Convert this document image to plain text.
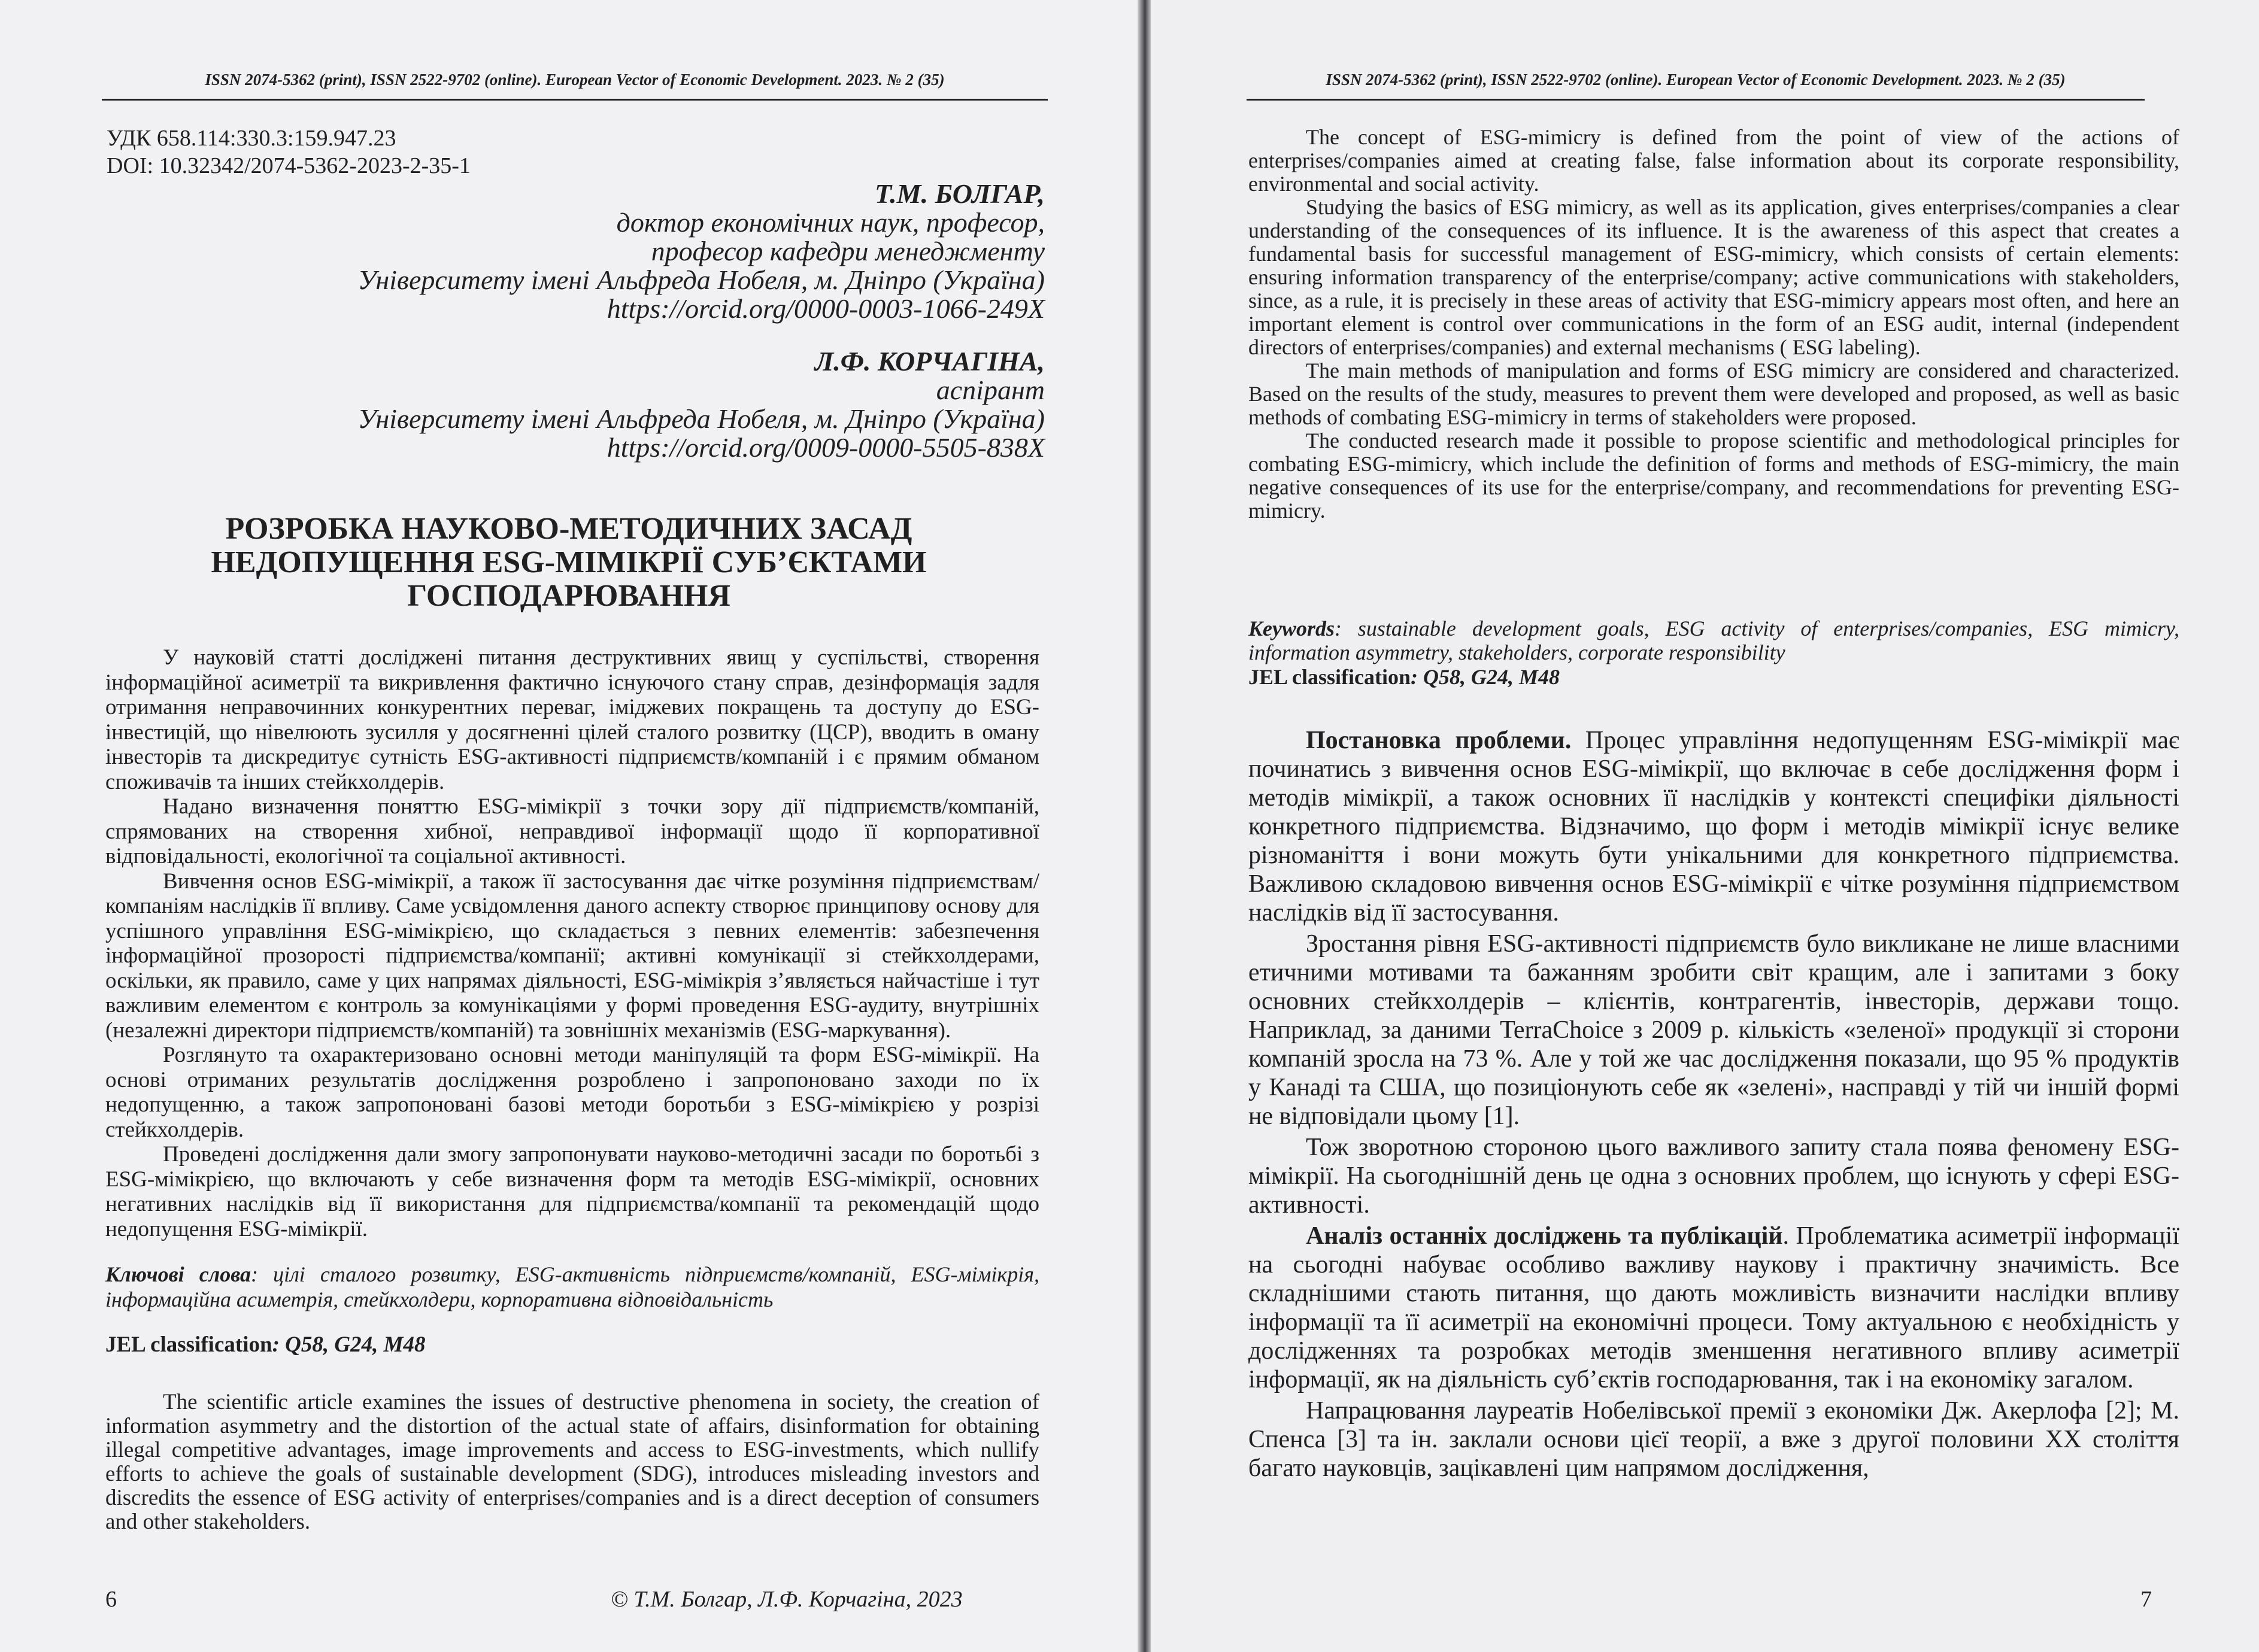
ISSN 2074-5362 (print), ISSN 2522-9702 (online). European Vector of Economic Development. 2023. № 2 (35)
УДК 658.114:330.3:159.947.23
DOI: 10.32342/2074-5362-2023-2-35-1
Т.М. БОЛГАР,
доктор економічних наук, професор,
професор кафедри менеджменту
Університету імені Альфреда Нобеля, м. Дніпро (Україна)
https://orcid.org/0000-0003-1066-249X
Л.Ф. КОРЧАГІНА,
аспірант
Університету імені Альфреда Нобеля, м. Дніпро (Україна)
https://orcid.org/0009-0000-5505-838X
РОЗРОБКА НАУКОВО-МЕТОДИЧНИХ ЗАСАД НЕДОПУЩЕННЯ ESG-МІМІКРІЇ СУБ’ЄКТАМИ ГОСПОДАРЮВАННЯ

У науковій статті досліджені питання деструктивних явищ у суспільстві, створення інформаційної асиметрії та викривлення фактично існуючого стану справ, дезінформація задля отримання неправочинних конкурентних переваг, іміджевих покращень та доступу до ESG-інвестицій, що нівелюють зусилля у досягненні цілей сталого розвитку (ЦСР), вводить в оману інвесторів та дискредитує сутність ESG-активності підприємств/компаній і є прямим обманом споживачів та інших стейкхолдерів.

Надано визначення поняттю ESG-мімікрії з точки зору дії підприємств/компаній, спрямованих на створення хибної, неправдивої інформації щодо її корпоративної відповідальності, екологічної та соціальної активності.

Вивчення основ ESG-мімікрії, а також її застосування дає чітке розуміння підприємствам/компаніям наслідків її впливу. Саме усвідомлення даного аспекту створює принципову основу для успішного управління ESG-мімікрією, що складається з певних елементів: забезпечення інформаційної прозорості підприємства/компанії; активні комунікації зі стейкхолдерами, оскільки, як правило, саме у цих напрямах діяльності, ESG-мімікрія з’являється найчастіше і тут важливим елементом є контроль за комунікаціями у формі проведення ESG-аудиту, внутрішніх (незалежні директори підприємств/компаній) та зовнішніх механізмів (ESG-маркування).

Розглянуто та охарактеризовано основні методи маніпуляцій та форм ESG-мімікрії. На основі отриманих результатів дослідження розроблено і запропоновано заходи по їх недопущенню, а також запропоновані базові методи боротьби з ESG-мімікрією у розрізі стейкхолдерів.

Проведені дослідження дали змогу запропонувати науково-методичні засади по боротьбі з ESG-мімікрією, що включають у себе визначення форм та методів ESG-мімікрії, основних негативних наслідків від її використання для підприємства/компанії та рекомендацій щодо недопущення ESG-мімікрії.

Ключові слова: цілі сталого розвитку, ESG-активність підприємств/компаній, ESG-мімікрія, інформаційна асиметрія, стейкхолдери, корпоративна відповідальність
JEL classification: Q58, G24, M48

The scientific article examines the issues of destructive phenomena in society, the creation of information asymmetry and the distortion of the actual state of affairs, disinformation for obtaining illegal competitive advantages, image improvements and access to ESG-investments, which nullify efforts to achieve the goals of sustainable development (SDG), introduces misleading investors and discredits the essence of ESG activity of enterprises/companies and is a direct deception of consumers and other stakeholders.

6	© Т.М. Болгар, Л.Ф. Корчагіна, 2023
ISSN 2074-5362 (print), ISSN 2522-9702 (online). European Vector of Economic Development. 2023. № 2 (35)

The concept of ESG-mimicry is defined from the point of view of the actions of enterprises/companies aimed at creating false, false information about its corporate responsibility, environmental and social activity.

Studying the basics of ESG mimicry, as well as its application, gives enterprises/companies a clear understanding of the consequences of its influence. It is the awareness of this aspect that creates a fundamental basis for successful management of ESG-mimicry, which consists of certain elements: ensuring information transparency of the enterprise/company; active communications with stakeholders, since, as a rule, it is precisely in these areas of activity that ESG-mimicry appears most often, and here an important element is control over communications in the form of an ESG audit, internal (independent directors of enterprises/companies) and external mechanisms ( ESG labeling).

The main methods of manipulation and forms of ESG mimicry are considered and characterized. Based on the results of the study, measures to prevent them were developed and proposed, as well as basic methods of combating ESG-mimicry in terms of stakeholders were proposed.

The conducted research made it possible to propose scientific and methodological principles for combating ESG-mimicry, which include the definition of forms and methods of ESG-mimicry, the main negative consequences of its use for the enterprise/company, and recommendations for preventing ESG-mimicry.

Keywords: sustainable development goals, ESG activity of enterprises/companies, ESG mimicry, information asymmetry, stakeholders, corporate responsibility
JEL classification: Q58, G24, M48

Постановка проблеми. Процес управління недопущенням ESG-мімікрії має починатись з вивчення основ ESG-мімікрії, що включає в себе дослідження форм і методів мімікрії, а також основних її наслідків у контексті специфіки діяльності конкретного підприємства. Відзначимо, що форм і методів мімікрії існує велике різноманіття і вони можуть бути унікальними для конкретного підприємства. Важливою складовою вивчення основ ESG-мімікрії є чітке розуміння підприємством наслідків від її застосування.

Зростання рівня ESG-активності підприємств було викликане не лише власними етичними мотивами та бажанням зробити світ кращим, але і запитами з боку основних стейкхолдерів – клієнтів, контрагентів, інвесторів, держави тощо. Наприклад, за даними TerraChoice з 2009 р. кількість «зеленої» продукції зі сторони компаній зросла на 73 %. Але у той же час дослідження показали, що 95 % продуктів у Канаді та США, що позиціонують себе як «зелені», насправді у тій чи іншій формі не відповідали цьому [1].

Тож зворотною стороною цього важливого запиту стала поява феномену ESG-мімікрії. На сьогоднішній день це одна з основних проблем, що існують у сфері ESG-активності.

Аналіз останніх досліджень та публікацій. Проблематика асиметрії інформації на сьогодні набуває особливо важливу наукову і практичну значимість. Все складнішими стають питання, що дають можливість визначити наслідки впливу інформації та її асиметрії на економічні процеси. Тому актуальною є необхідність у дослідженнях та розробках методів зменшення негативного впливу асиметрії інформації, як на діяльність суб’єктів господарювання, так і на економіку загалом.

Напрацювання лауреатів Нобелівської премії з економіки Дж. Акерлофа [2]; М. Спенса [3] та ін. заклали основи цієї теорії, а вже з другої половини XX століття багато науковців, зацікавлені цим напрямом дослідження,

7
